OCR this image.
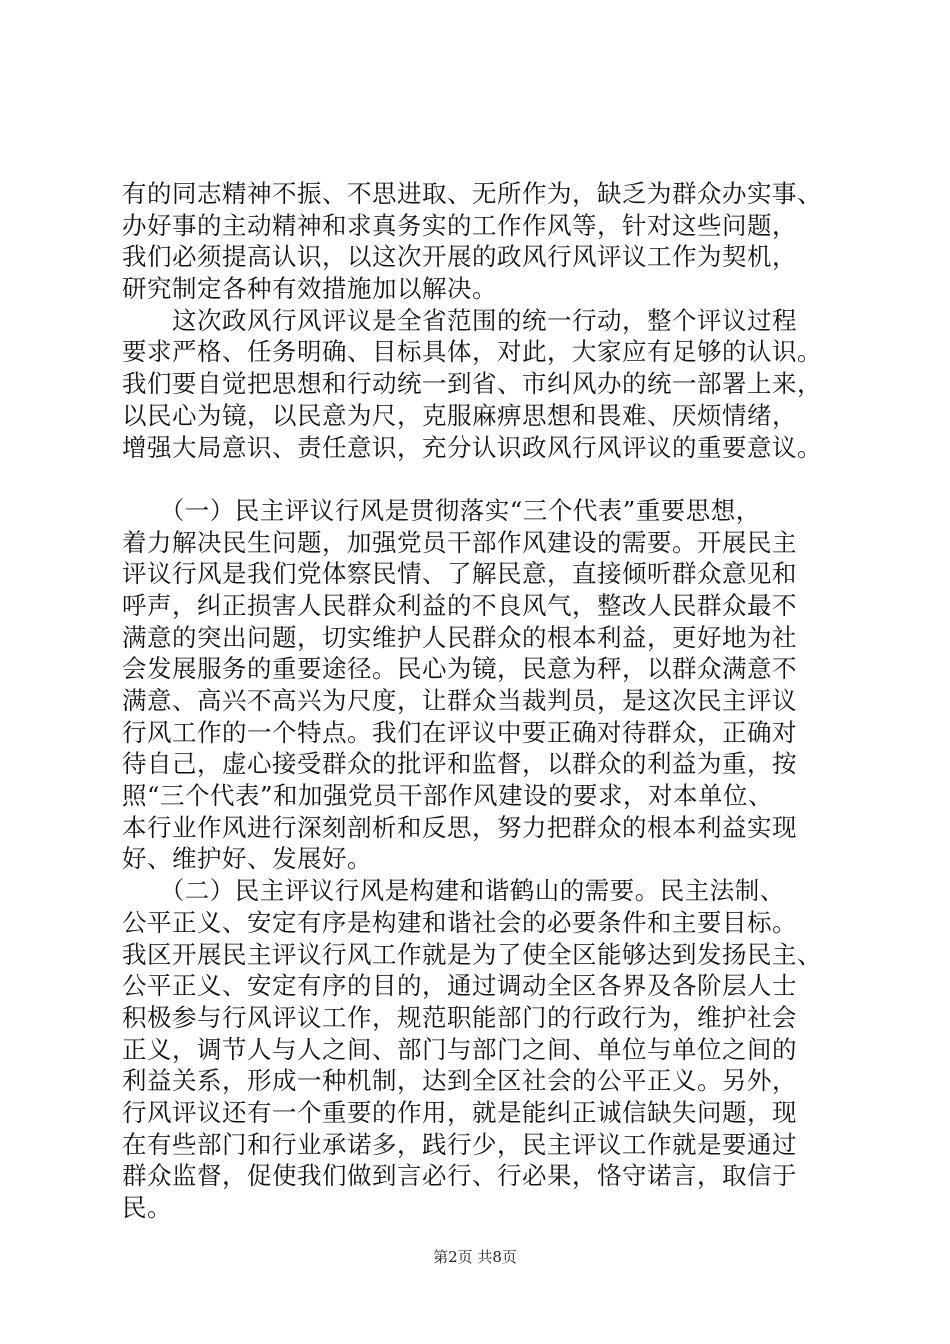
有的同志精神不振、不思进取、无所作为，缺乏为群众办实事、
办好事的主动精神和求真务实的工作作风等，针对这些问题，
我们必须提高认识，以这次开展的政风行风评议工作为契机，
研究制定各种有效措施加以解决。
　　这次政风行风评议是全省范围的统一行动，整个评议过程
要求严格、任务明确、目标具体，对此，大家应有足够的认识。
我们要自觉把思想和行动统一到省、市纠风办的统一部署上来，
以民心为镜，以民意为尺，克服麻痹思想和畏难、厌烦情绪，
增强大局意识、责任意识，充分认识政风行风评议的重要意议。
　　（一）民主评议行风是贯彻落实“三个代表”重要思想，
着力解决民生问题，加强党员干部作风建设的需要。开展民主
评议行风是我们党体察民情、了解民意，直接倾听群众意见和
呼声，纠正损害人民群众利益的不良风气，整改人民群众最不
满意的突出问题，切实维护人民群众的根本利益，更好地为社
会发展服务的重要途径。民心为镜，民意为秤，以群众满意不
满意、高兴不高兴为尺度，让群众当裁判员，是这次民主评议
行风工作的一个特点。我们在评议中要正确对待群众，正确对
待自己，虚心接受群众的批评和监督，以群众的利益为重，按
照“三个代表”和加强党员干部作风建设的要求，对本单位、
本行业作风进行深刻剖析和反思，努力把群众的根本利益实现
好、维护好、发展好。
　　（二）民主评议行风是构建和谐鹤山的需要。民主法制、
公平正义、安定有序是构建和谐社会的必要条件和主要目标。
我区开展民主评议行风工作就是为了使全区能够达到发扬民主、
公平正义、安定有序的目的，通过调动全区各界及各阶层人士
积极参与行风评议工作，规范职能部门的行政行为，维护社会
正义，调节人与人之间、部门与部门之间、单位与单位之间的
利益关系，形成一种机制，达到全区社会的公平正义。另外，
行风评议还有一个重要的作用，就是能纠正诚信缺失问题，现
在有些部门和行业承诺多，践行少，民主评议工作就是要通过
群众监督，促使我们做到言必行、行必果，恪守诺言，取信于
民。
第2页 共8页
